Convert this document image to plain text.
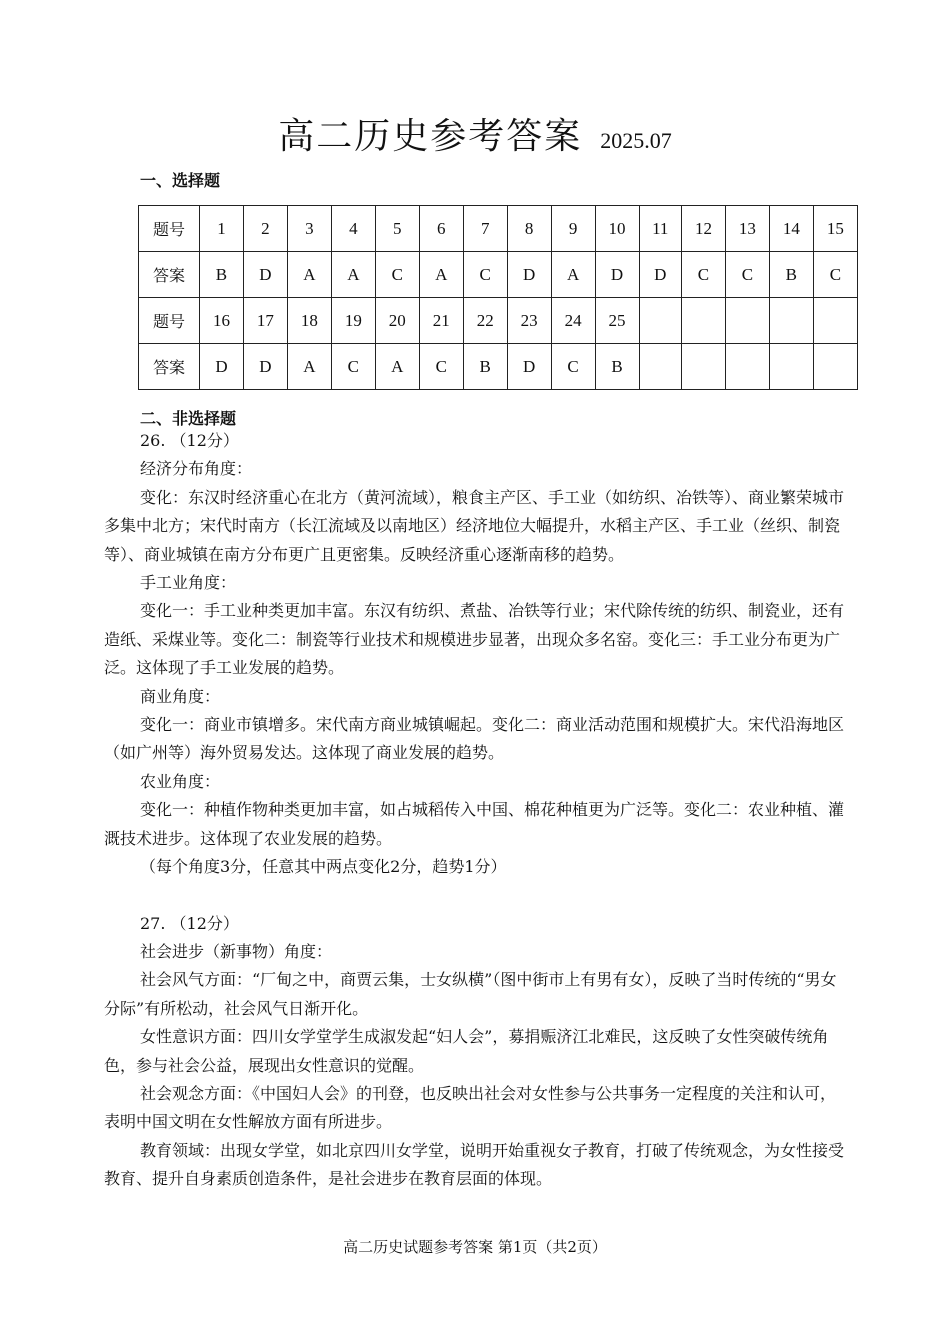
高二历史参考答案 2025.07
一、选择题
题号	1	2	3	4	5	6	7	8	9	10	11	12	13	14	15
答案	B	D	A	A	C	A	C	D	A	D	D	C	C	B	C
题号	16	17	18	19	20	21	22	23	24	25					
答案	D	D	A	C	A	C	B	D	C	B					
二、非选择题

26. （12分）

经济分布角度：

变化：东汉时经济重心在北方（黄河流域），粮食主产区、手工业（如纺织、冶铁等）、商业繁荣城市多集中北方；宋代时南方（长江流域及以南地区）经济地位大幅提升，水稻主产区、手工业（丝织、制瓷等）、商业城镇在南方分布更广且更密集。反映经济重心逐渐南移的趋势。

手工业角度：

变化一：手工业种类更加丰富。东汉有纺织、煮盐、冶铁等行业；宋代除传统的纺织、制瓷业，还有造纸、采煤业等。变化二：制瓷等行业技术和规模进步显著，出现众多名窑。变化三：手工业分布更为广泛。这体现了手工业发展的趋势。

商业角度：

变化一：商业市镇增多。宋代南方商业城镇崛起。变化二：商业活动范围和规模扩大。宋代沿海地区（如广州等）海外贸易发达。这体现了商业发展的趋势。

农业角度：

变化一：种植作物种类更加丰富，如占城稻传入中国、棉花种植更为广泛等。变化二：农业种植、灌溉技术进步。这体现了农业发展的趋势。

（每个角度3分，任意其中两点变化2分，趋势1分）

27. （12分）

社会进步（新事物）角度：

社会风气方面：“厂甸之中，商贾云集，士女纵横”（图中街市上有男有女），反映了当时传统的“男女分际”有所松动，社会风气日渐开化。

女性意识方面：四川女学堂学生成淑发起“妇人会”，募捐赈济江北难民，这反映了女性突破传统角色，参与社会公益，展现出女性意识的觉醒。

社会观念方面：《中国妇人会》的刊登，也反映出社会对女性参与公共事务一定程度的关注和认可，表明中国文明在女性解放方面有所进步。

教育领域：出现女学堂，如北京四川女学堂，说明开始重视女子教育，打破了传统观念，为女性接受教育、提升自身素质创造条件，是社会进步在教育层面的体现。

高二历史试题参考答案 第1页（共2页）
